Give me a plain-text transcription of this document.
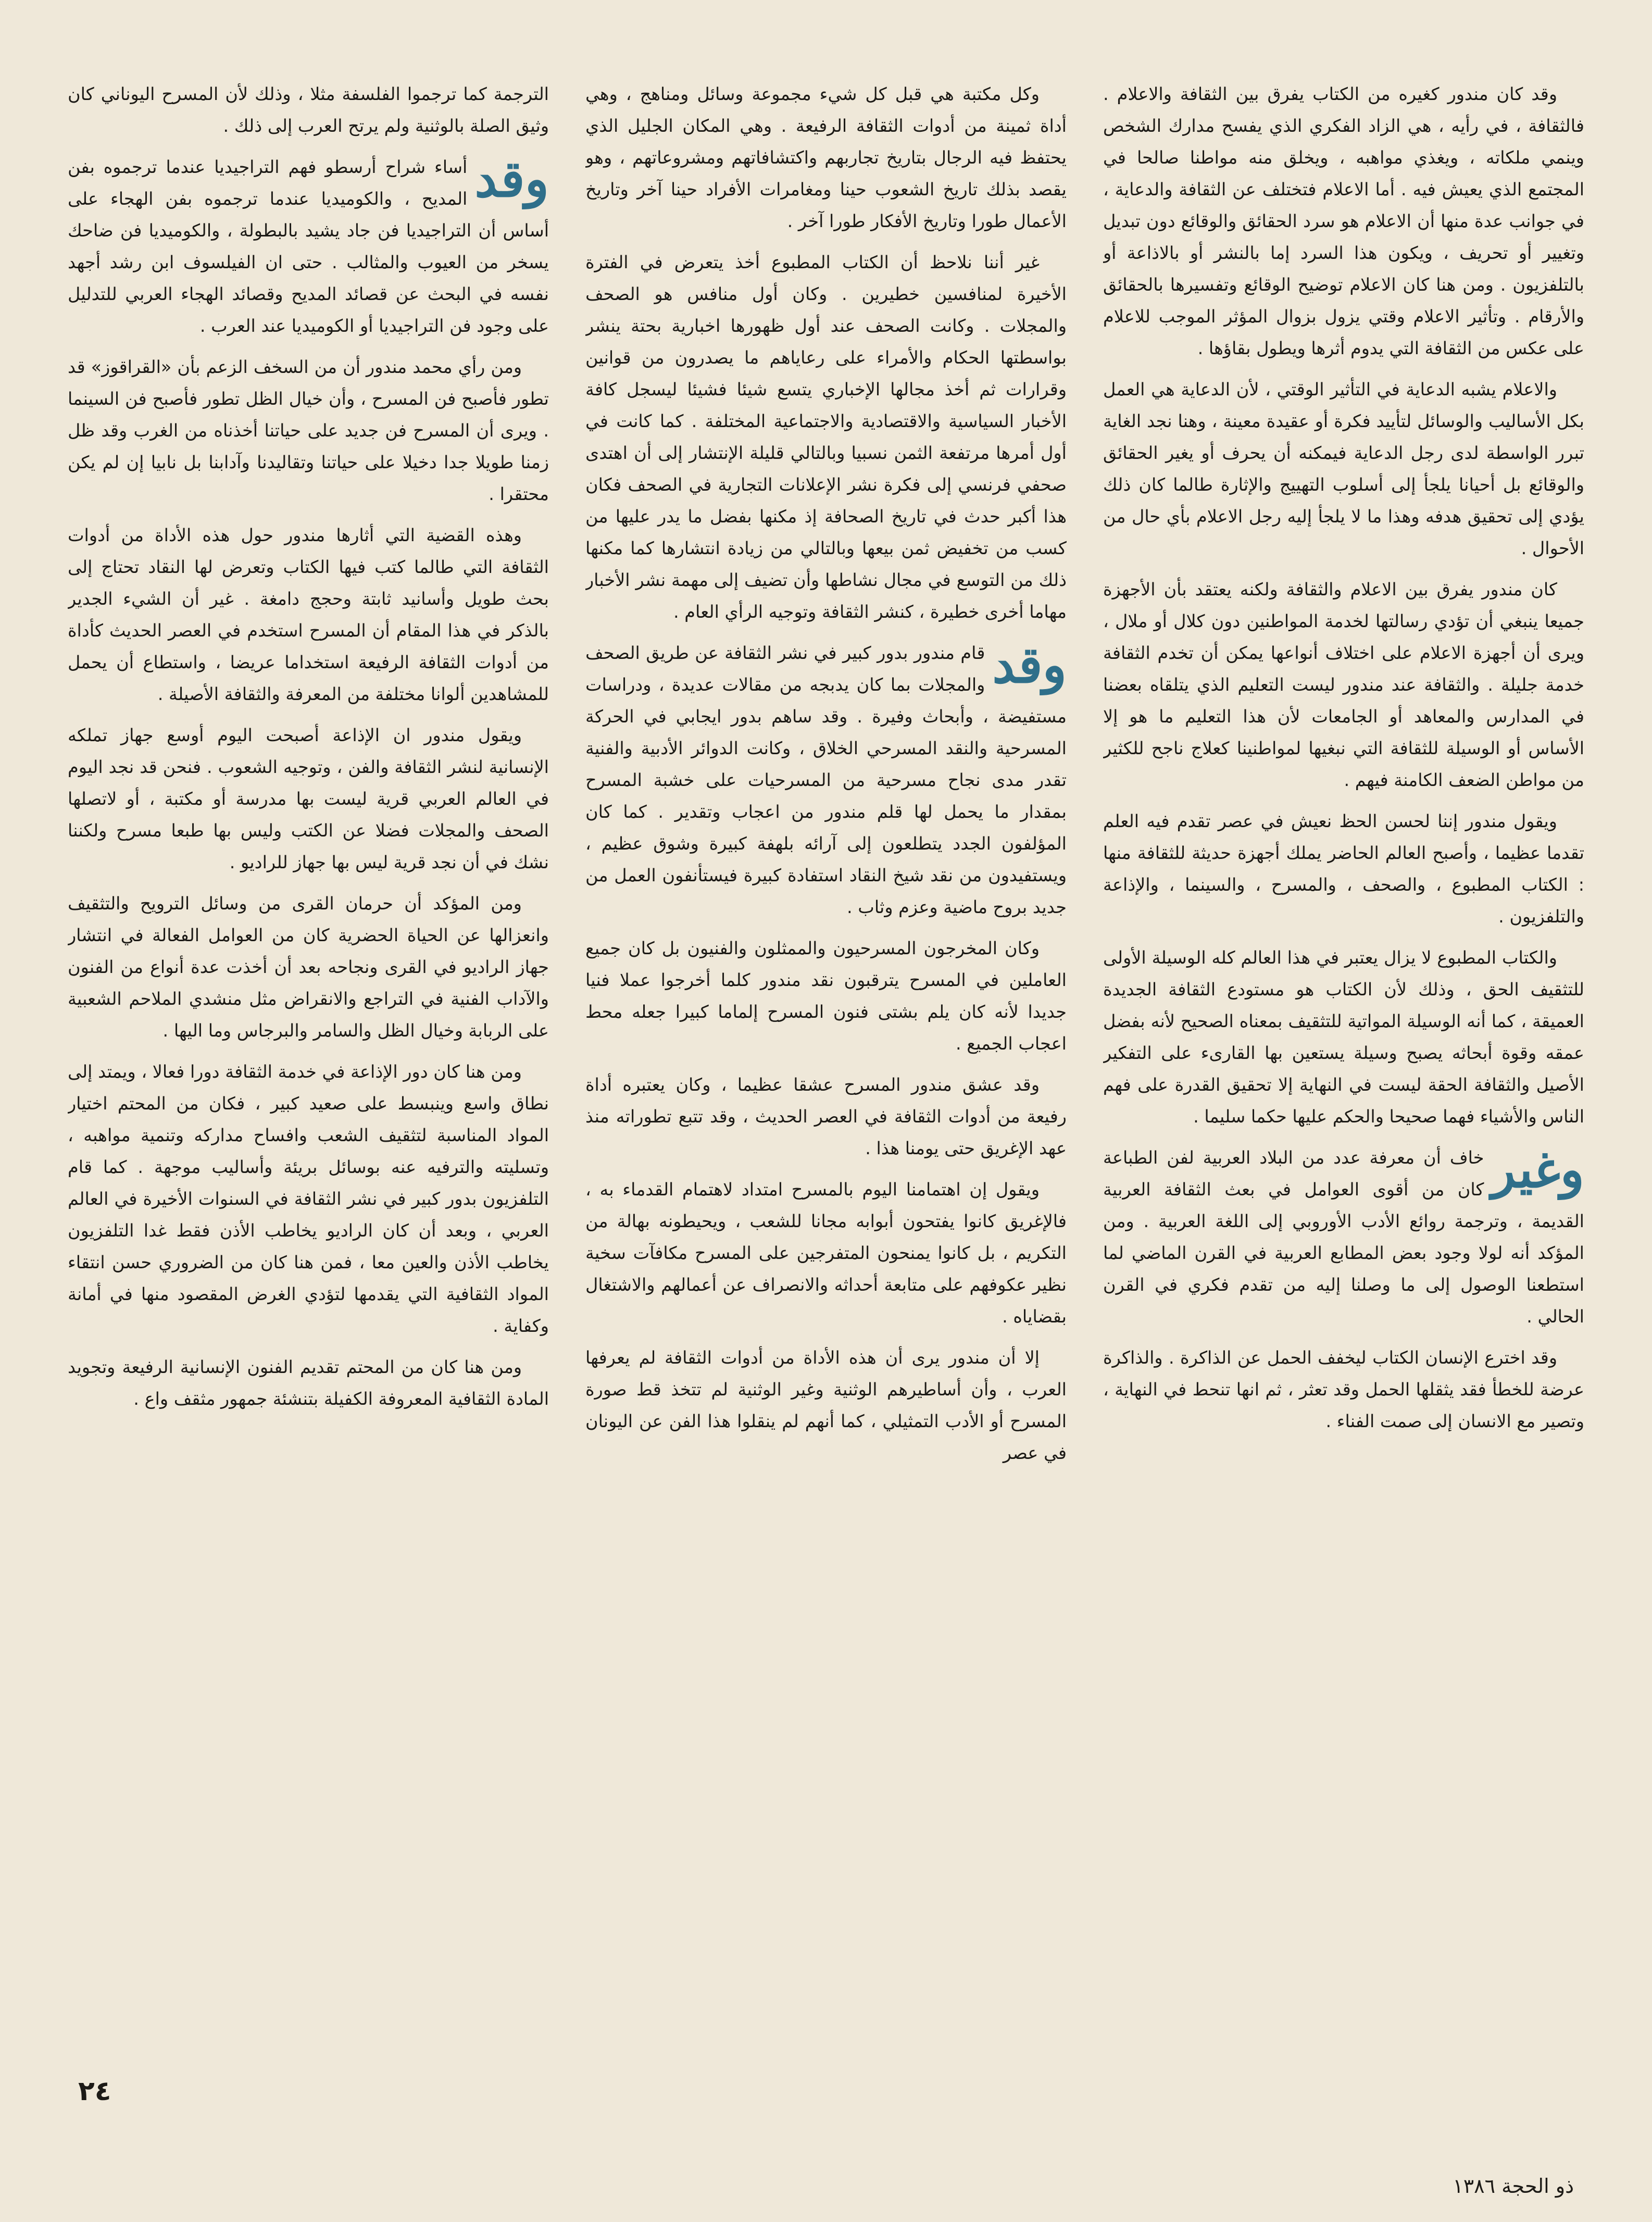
وقد كان مندور كغيره من الكتاب يفرق بين الثقافة والاعلام . فالثقافة ، في رأيه ، هي الزاد الفكري الذي يفسح مدارك الشخص وينمي ملكاته ، ويغذي مواهبه ، ويخلق منه مواطنا صالحا في المجتمع الذي يعيش فيه . أما الاعلام فتختلف عن الثقافة والدعاية ، في جوانب عدة منها أن الاعلام هو سرد الحقائق والوقائع دون تبديل وتغيير أو تحريف ، ويكون هذا السرد إما بالنشر أو بالاذاعة أو بالتلفزيون . ومن هنا كان الاعلام توضيح الوقائع وتفسيرها بالحقائق والأرقام . وتأثير الاعلام وقتي يزول بزوال المؤثر الموجب للاعلام على عكس من الثقافة التي يدوم أثرها ويطول بقاؤها .

والاعلام يشبه الدعاية في التأثير الوقتي ، لأن الدعاية هي العمل بكل الأساليب والوسائل لتأييد فكرة أو عقيدة معينة ، وهنا نجد الغاية تبرر الواسطة لدى رجل الدعاية فيمكنه أن يحرف أو يغير الحقائق والوقائع بل أحيانا يلجأ إلى أسلوب التهييج والإثارة طالما كان ذلك يؤدي إلى تحقيق هدفه وهذا ما لا يلجأ إليه رجل الاعلام بأي حال من الأحوال .

كان مندور يفرق بين الاعلام والثقافة ولكنه يعتقد بأن الأجهزة جميعا ينبغي أن تؤدي رسالتها لخدمة المواطنين دون كلال أو ملال ، ويرى أن أجهزة الاعلام على اختلاف أنواعها يمكن أن تخدم الثقافة خدمة جليلة . والثقافة عند مندور ليست التعليم الذي يتلقاه بعضنا في المدارس والمعاهد أو الجامعات لأن هذا التعليم ما هو إلا الأساس أو الوسيلة للثقافة التي نبغيها لمواطنينا كعلاج ناجح للكثير من مواطن الضعف الكامنة فيهم .

ويقول مندور إننا لحسن الحظ نعيش في عصر تقدم فيه العلم تقدما عظيما ، وأصبح العالم الحاضر يملك أجهزة حديثة للثقافة منها : الكتاب المطبوع ، والصحف ، والمسرح ، والسينما ، والإذاعة والتلفزيون .

والكتاب المطبوع لا يزال يعتبر في هذا العالم كله الوسيلة الأولى للتثقيف الحق ، وذلك لأن الكتاب هو مستودع الثقافة الجديدة العميقة ، كما أنه الوسيلة المواتية للتثقيف بمعناه الصحيح لأنه بفضل عمقه وقوة أبحاثه يصبح وسيلة يستعين بها القارىء على التفكير الأصيل والثقافة الحقة ليست في النهاية إلا تحقيق القدرة على فهم الناس والأشياء فهما صحيحا والحكم عليها حكما سليما .

وغير
خاف أن معرفة عدد من البلاد العربية لفن الطباعة كان من أقوى العوامل في بعث الثقافة العربية القديمة ، وترجمة روائع الأدب الأوروبي إلى اللغة العربية . ومن المؤكد أنه لولا وجود بعض المطابع العربية في القرن الماضي لما استطعنا الوصول إلى ما وصلنا إليه من تقدم فكري في القرن الحالي .

وقد اخترع الإنسان الكتاب ليخفف الحمل عن الذاكرة . والذاكرة عرضة للخطأ فقد يثقلها الحمل وقد تعثر ، ثم انها تنحط في النهاية ، وتصير مع الانسان إلى صمت الفناء .

وكل مكتبة هي قبل كل شيء مجموعة وسائل ومناهج ، وهي أداة ثمينة من أدوات الثقافة الرفيعة . وهي المكان الجليل الذي يحتفظ فيه الرجال بتاريخ تجاربهم واكتشافاتهم ومشروعاتهم ، وهو يقصد بذلك تاريخ الشعوب حينا ومغامرات الأفراد حينا آخر وتاريخ الأعمال طورا وتاريخ الأفكار طورا آخر .

غير أننا نلاحظ أن الكتاب المطبوع أخذ يتعرض في الفترة الأخيرة لمنافسين خطيرين . وكان أول منافس هو الصحف والمجلات . وكانت الصحف عند أول ظهورها اخبارية بحتة ينشر بواسطتها الحكام والأمراء على رعاياهم ما يصدرون من قوانين وقرارات ثم أخذ مجالها الإخباري يتسع شيئا فشيئا ليسجل كافة الأخبار السياسية والاقتصادية والاجتماعية المختلفة . كما كانت في أول أمرها مرتفعة الثمن نسبيا وبالتالي قليلة الإنتشار إلى أن اهتدى صحفي فرنسي إلى فكرة نشر الإعلانات التجارية في الصحف فكان هذا أكبر حدث في تاريخ الصحافة إذ مكنها بفضل ما يدر عليها من كسب من تخفيض ثمن بيعها وبالتالي من زيادة انتشارها كما مكنها ذلك من التوسع في مجال نشاطها وأن تضيف إلى مهمة نشر الأخبار مهاما أخرى خطيرة ، كنشر الثقافة وتوجيه الرأي العام .

وقد
قام مندور بدور كبير في نشر الثقافة عن طريق الصحف والمجلات بما كان يدبجه من مقالات عديدة ، ودراسات مستفيضة ، وأبحاث وفيرة . وقد ساهم بدور ايجابي في الحركة المسرحية والنقد المسرحي الخلاق ، وكانت الدوائر الأدبية والفنية تقدر مدى نجاح مسرحية من المسرحيات على خشبة المسرح بمقدار ما يحمل لها قلم مندور من اعجاب وتقدير . كما كان المؤلفون الجدد يتطلعون إلى آرائه بلهفة كبيرة وشوق عظيم ، ويستفيدون من نقد شيخ النقاد استفادة كبيرة فيستأنفون العمل من جديد بروح ماضية وعزم وثاب .

وكان المخرجون المسرحيون والممثلون والفنيون بل كان جميع العاملين في المسرح يترقبون نقد مندور كلما أخرجوا عملا فنيا جديدا لأنه كان يلم بشتى فنون المسرح إلماما كبيرا جعله محط اعجاب الجميع .

وقد عشق مندور المسرح عشقا عظيما ، وكان يعتبره أداة رفيعة من أدوات الثقافة في العصر الحديث ، وقد تتبع تطوراته منذ عهد الإغريق حتى يومنا هذا .

ويقول إن اهتمامنا اليوم بالمسرح امتداد لاهتمام القدماء به ، فالإغريق كانوا يفتحون أبوابه مجانا للشعب ، ويحيطونه بهالة من التكريم ، بل كانوا يمنحون المتفرجين على المسرح مكافآت سخية نظير عكوفهم على متابعة أحداثه والانصراف عن أعمالهم والاشتغال بقضاياه .

إلا أن مندور يرى أن هذه الأداة من أدوات الثقافة لم يعرفها العرب ، وأن أساطيرهم الوثنية وغير الوثنية لم تتخذ قط صورة المسرح أو الأدب التمثيلي ، كما أنهم لم ينقلوا هذا الفن عن اليونان في عصر

الترجمة كما ترجموا الفلسفة مثلا ، وذلك لأن المسرح اليوناني كان وثيق الصلة بالوثنية ولم يرتح العرب إلى ذلك .

وقد
أساء شراح أرسطو فهم التراجيديا عندما ترجموه بفن المديح ، والكوميديا عندما ترجموه بفن الهجاء على أساس أن التراجيديا فن جاد يشيد بالبطولة ، والكوميديا فن ضاحك يسخر من العيوب والمثالب . حتى ان الفيلسوف ابن رشد أجهد نفسه في البحث عن قصائد المديح وقصائد الهجاء العربي للتدليل على وجود فن التراجيديا أو الكوميديا عند العرب .

ومن رأي محمد مندور أن من السخف الزعم بأن «القراقوز» قد تطور فأصبح فن المسرح ، وأن خيال الظل تطور فأصبح فن السينما . ويرى أن المسرح فن جديد على حياتنا أخذناه من الغرب وقد ظل زمنا طويلا جدا دخيلا على حياتنا وتقاليدنا وآدابنا بل نابيا إن لم يكن محتقرا .

وهذه القضية التي أثارها مندور حول هذه الأداة من أدوات الثقافة التي طالما كتب فيها الكتاب وتعرض لها النقاد تحتاج إلى بحث طويل وأسانيد ثابتة وحجج دامغة . غير أن الشيء الجدير بالذكر في هذا المقام أن المسرح استخدم في العصر الحديث كأداة من أدوات الثقافة الرفيعة استخداما عريضا ، واستطاع أن يحمل للمشاهدين ألوانا مختلفة من المعرفة والثقافة الأصيلة .

ويقول مندور ان الإذاعة أصبحت اليوم أوسع جهاز تملكه الإنسانية لنشر الثقافة والفن ، وتوجيه الشعوب . فنحن قد نجد اليوم في العالم العربي قرية ليست بها مدرسة أو مكتبة ، أو لاتصلها الصحف والمجلات فضلا عن الكتب وليس بها طبعا مسرح ولكننا نشك في أن نجد قرية ليس بها جهاز للراديو .

ومن المؤكد أن حرمان القرى من وسائل الترويح والتثقيف وانعزالها عن الحياة الحضرية كان من العوامل الفعالة في انتشار جهاز الراديو في القرى ونجاحه بعد أن أخذت عدة أنواع من الفنون والآداب الفنية في التراجع والانقراض مثل منشدي الملاحم الشعبية على الربابة وخيال الظل والسامر والبرجاس وما اليها .

ومن هنا كان دور الإذاعة في خدمة الثقافة دورا فعالا ، ويمتد إلى نطاق واسع وينبسط على صعيد كبير ، فكان من المحتم اختيار المواد المناسبة لتثقيف الشعب وافساح مداركه وتنمية مواهبه ، وتسليته والترفيه عنه بوسائل بريئة وأساليب موجهة . كما قام التلفزيون بدور كبير في نشر الثقافة في السنوات الأخيرة في العالم العربي ، وبعد أن كان الراديو يخاطب الأذن فقط غدا التلفزيون يخاطب الأذن والعين معا ، فمن هنا كان من الضروري حسن انتقاء المواد الثقافية التي يقدمها لتؤدي الغرض المقصود منها في أمانة وكفاية .

ومن هنا كان من المحتم تقديم الفنون الإنسانية الرفيعة وتجويد المادة الثقافية المعروفة الكفيلة بتنشئة جمهور مثقف واع .

٢٤
ذو الحجة ١٣٨٦
